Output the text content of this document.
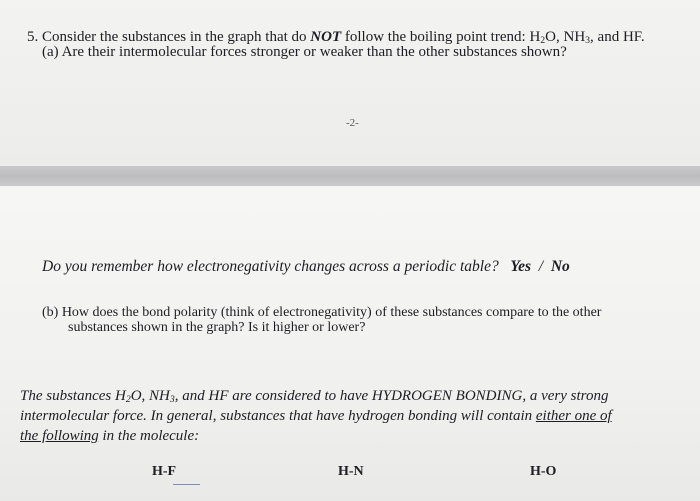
5. Consider the substances in the graph that do NOT follow the boiling point trend: $H_2O$, $NH_3$, and HF.
(a) Are their intermolecular forces stronger or weaker than the other substances shown?
-2-
Do you remember how electronegativity changes across a periodic table? Yes / No
(b) How does the bond polarity (think of electronegativity) of these substances compare to the other
substances shown in the graph? Is it higher or lower?
The substances $H_2O$, $NH_3$, and HF are considered to have HYDROGEN BONDING, a very strong
intermolecular force. In general, substances that have hydrogen bonding will contain either one of
the following in the molecule:
H-F	H-N	H-O
